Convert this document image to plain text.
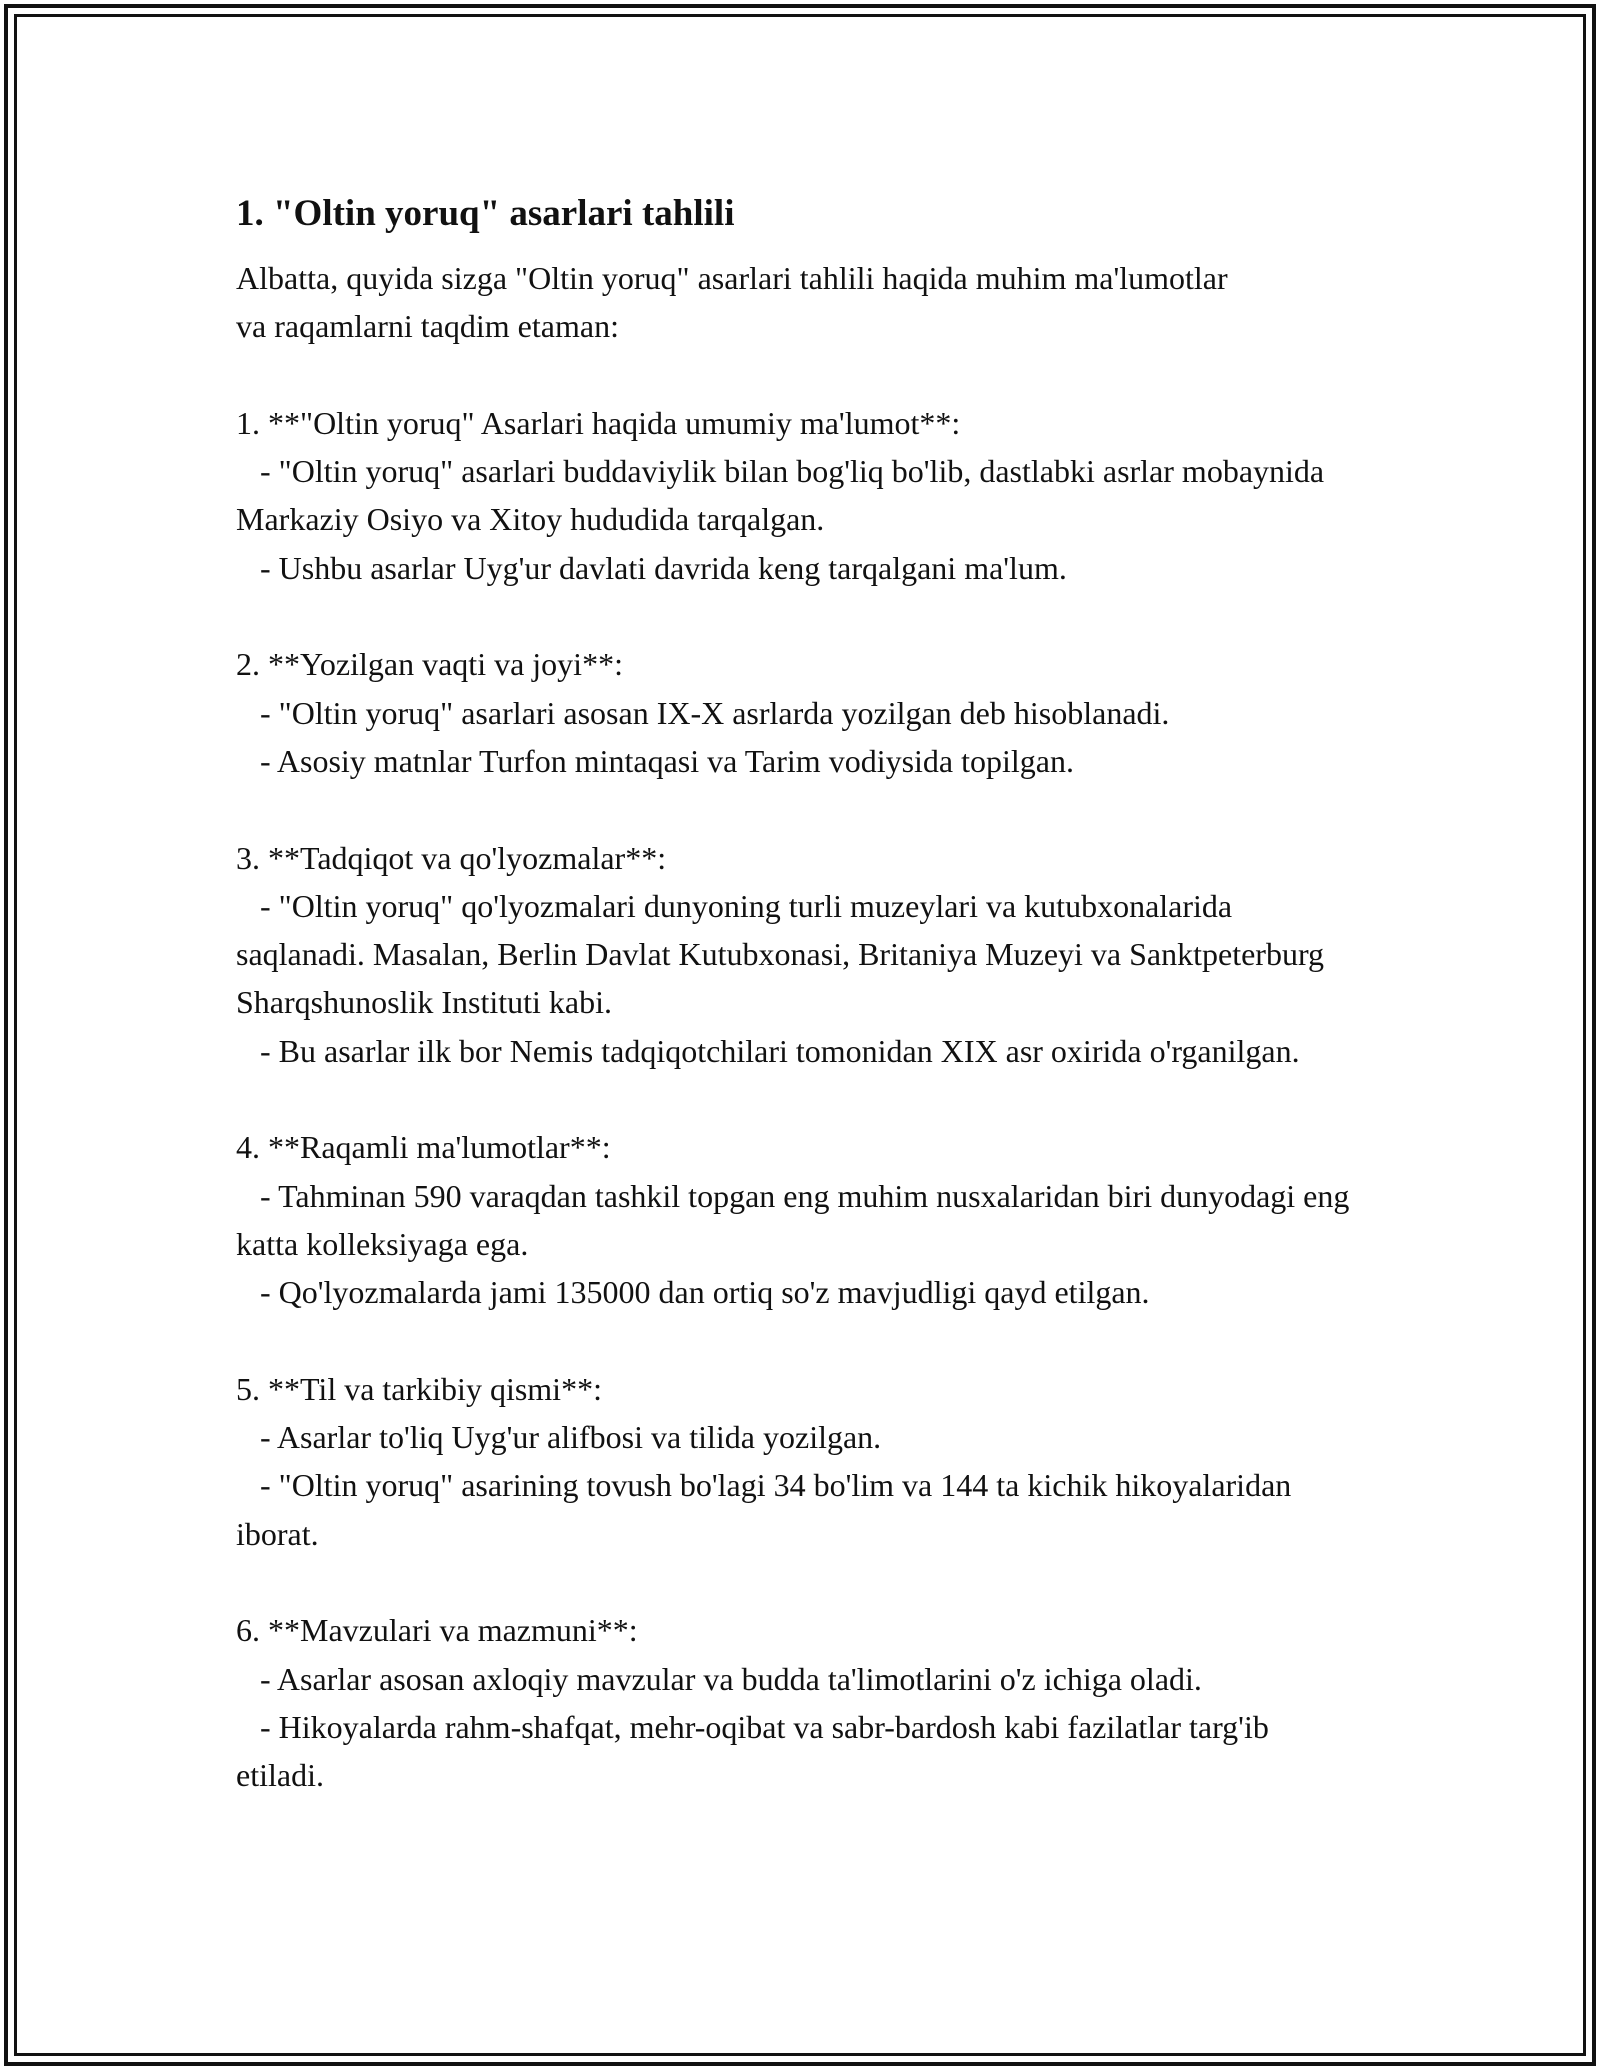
1. "Oltin yoruq" asarlari tahlili

Albatta, quyida sizga "Oltin yoruq" asarlari tahlili haqida muhim ma'lumotlar va raqamlarni taqdim etaman:

1. **"Oltin yoruq" Asarlari haqida umumiy ma'lumot**:

- "Oltin yoruq" asarlari buddaviylik bilan bog'liq bo'lib, dastlabki asrlar mobaynida Markaziy Osiyo va Xitoy hududida tarqalgan.

- Ushbu asarlar Uyg'ur davlati davrida keng tarqalgani ma'lum.

2. **Yozilgan vaqti va joyi**:

- "Oltin yoruq" asarlari asosan IX-X asrlarda yozilgan deb hisoblanadi.

- Asosiy matnlar Turfon mintaqasi va Tarim vodiysida topilgan.

3. **Tadqiqot va qo'lyozmalar**:

- "Oltin yoruq" qo'lyozmalari dunyoning turli muzeylari va kutubxonalarida saqlanadi. Masalan, Berlin Davlat Kutubxonasi, Britaniya Muzeyi va Sanktpeterburg Sharqshunoslik Instituti kabi.

- Bu asarlar ilk bor Nemis tadqiqotchilari tomonidan XIX asr oxirida o'rganilgan.

4. **Raqamli ma'lumotlar**:

- Tahminan 590 varaqdan tashkil topgan eng muhim nusxalaridan biri dunyodagi eng katta kolleksiyaga ega.

- Qo'lyozmalarda jami 135000 dan ortiq so'z mavjudligi qayd etilgan.

5. **Til va tarkibiy qismi**:

- Asarlar to'liq Uyg'ur alifbosi va tilida yozilgan.

- "Oltin yoruq" asarining tovush bo'lagi 34 bo'lim va 144 ta kichik hikoyalaridan iborat.

6. **Mavzulari va mazmuni**:

- Asarlar asosan axloqiy mavzular va budda ta'limotlarini o'z ichiga oladi.

- Hikoyalarda rahm-shafqat, mehr-oqibat va sabr-bardosh kabi fazilatlar targ'ib etiladi.
